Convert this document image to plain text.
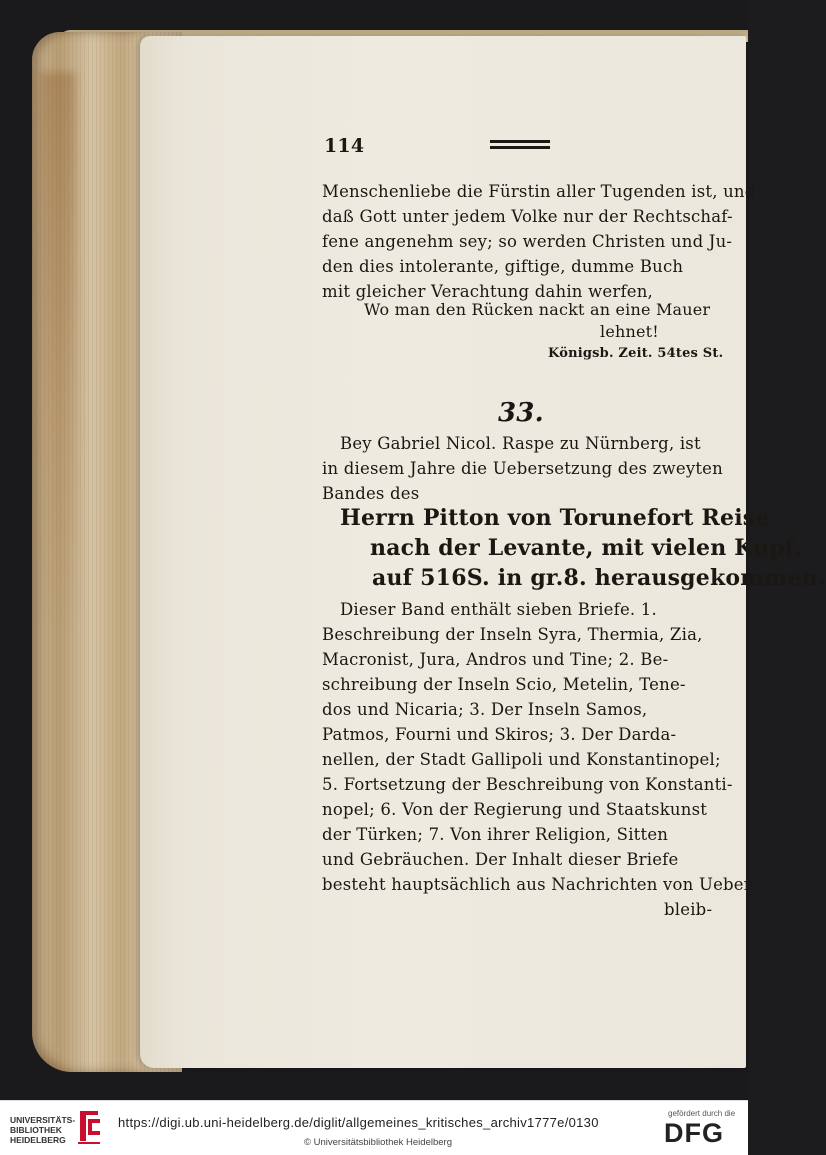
114
Menschenliebe die Fürstin aller Tugenden ist, und
daß Gott unter jedem Volke nur der Rechtschaf-
fene angenehm sey; so werden Christen und Ju-
den dies intolerante, giftige, dumme Buch
mit gleicher Verachtung dahin werfen,
Wo man den Rücken nackt an eine Mauer
lehnet!
Königsb. Zeit. 54tes St.
33.
Bey Gabriel Nicol. Raspe zu Nürnberg, ist
in diesem Jahre die Uebersetzung des zweyten
Bandes des
Herrn Pitton von Torunefort Reise
nach der Levante, mit vielen Kupf.
auf 516S. in gr.8. herausgekommen.
Dieser Band enthält sieben Briefe. 1.
Beschreibung der Inseln Syra, Thermia, Zia,
Macronist, Jura, Andros und Tine; 2. Be-
schreibung der Inseln Scio, Metelin, Tene-
dos und Nicaria; 3. Der Inseln Samos,
Patmos, Fourni und Skiros; 3. Der Darda-
nellen, der Stadt Gallipoli und Konstantinopel;
5. Fortsetzung der Beschreibung von Konstanti-
nopel; 6. Von der Regierung und Staatskunst
der Türken; 7. Von ihrer Religion, Sitten
und Gebräuchen. Der Inhalt dieser Briefe
besteht hauptsächlich aus Nachrichten von Ueber-
bleib-
UNIVERSITÄTS-
BIBLIOTHEK
HEIDELBERG
https://digi.ub.uni-heidelberg.de/diglit/allgemeines_kritisches_archiv1777e/0130
© Universitätsbibliothek Heidelberg
gefördert durch die
DFG
